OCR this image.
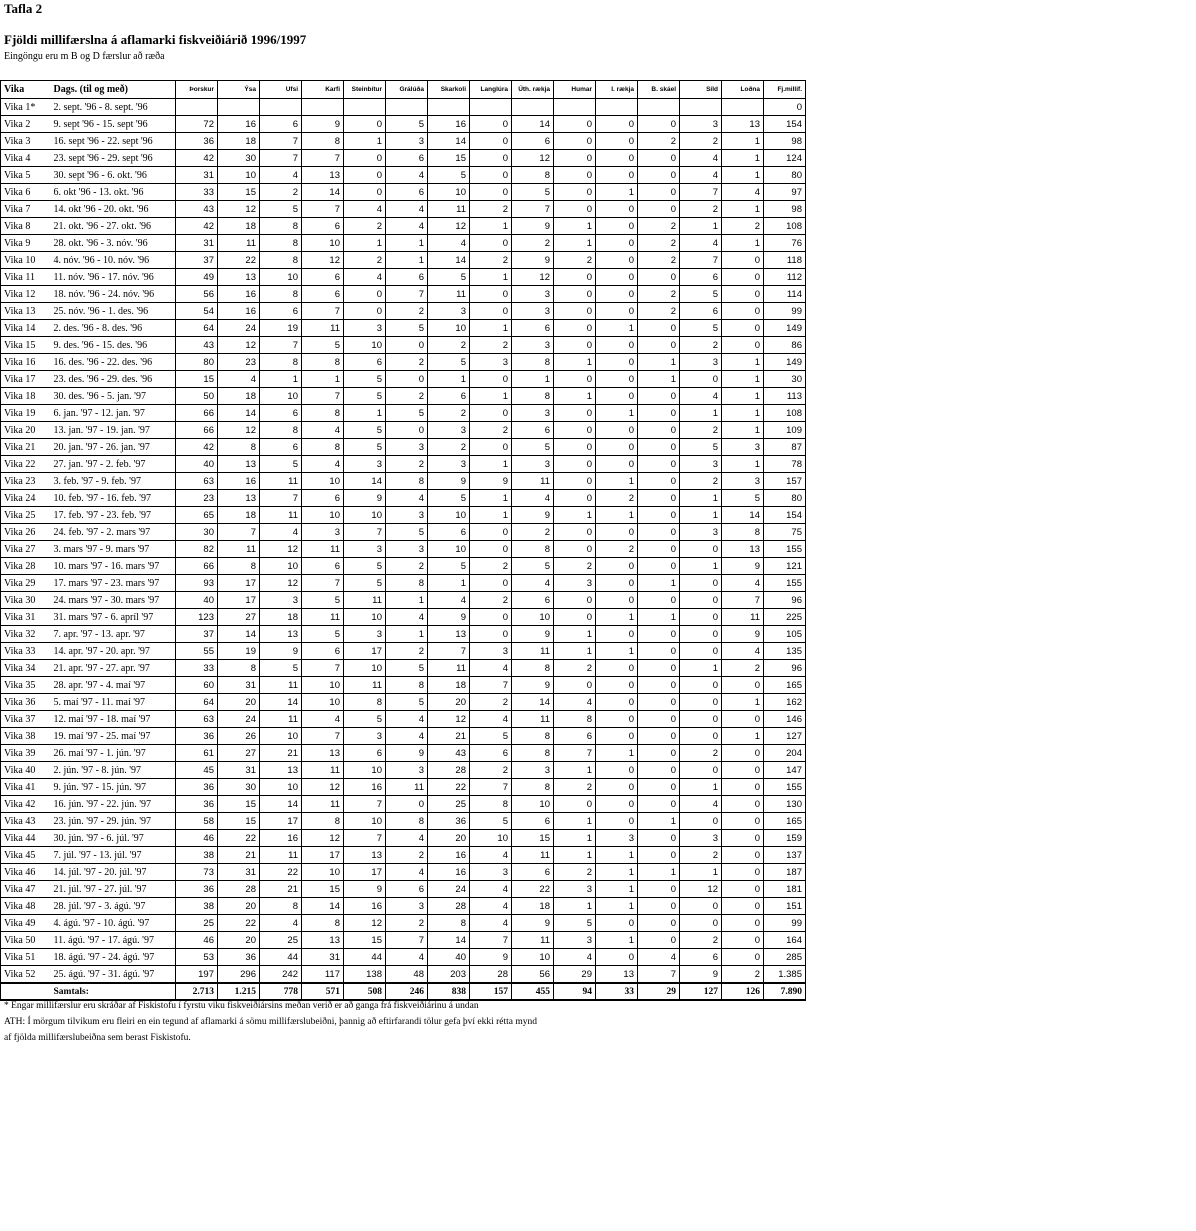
Tafla 2

Fjöldi millifærslna á aflamarki fiskveiðiárið 1996/1997

Eingöngu eru m B og D færslur að ræða

Vika	Dags. (til og með)	Þorskur	Ýsa	Ufsi	Karfi	Steinbítur	Grálúða	Skarkoli	Langlúra	Úth. rækja	Humar	I. rækja	B. skáel	Síld	Loðna	Fj.millif.
Vika 1*	2. sept. '96 - 8. sept. '96															0
Vika 2	9. sept '96 - 15. sept '96	72	16	6	9	0	5	16	0	14	0	0	0	3	13	154
Vika 3	16. sept '96 - 22. sept '96	36	18	7	8	1	3	14	0	6	0	0	2	2	1	98
Vika 4	23. sept '96 - 29. sept '96	42	30	7	7	0	6	15	0	12	0	0	0	4	1	124
Vika 5	30. sept '96 - 6. okt. '96	31	10	4	13	0	4	5	0	8	0	0	0	4	1	80
Vika 6	6. okt '96 - 13. okt. '96	33	15	2	14	0	6	10	0	5	0	1	0	7	4	97
Vika 7	14. okt '96 - 20. okt. '96	43	12	5	7	4	4	11	2	7	0	0	0	2	1	98
Vika 8	21. okt. '96 - 27. okt. '96	42	18	8	6	2	4	12	1	9	1	0	2	1	2	108
Vika 9	28. okt. '96 - 3. nóv. '96	31	11	8	10	1	1	4	0	2	1	0	2	4	1	76
Vika 10	4. nóv. '96 - 10. nóv. '96	37	22	8	12	2	1	14	2	9	2	0	2	7	0	118
Vika 11	11. nóv. '96 - 17. nóv. '96	49	13	10	6	4	6	5	1	12	0	0	0	6	0	112
Vika 12	18. nóv. '96 - 24. nóv. '96	56	16	8	6	0	7	11	0	3	0	0	2	5	0	114
Vika 13	25. nóv. '96 - 1. des. '96	54	16	6	7	0	2	3	0	3	0	0	2	6	0	99
Vika 14	2. des. '96 - 8. des. '96	64	24	19	11	3	5	10	1	6	0	1	0	5	0	149
Vika 15	9. des. '96 - 15. des. '96	43	12	7	5	10	0	2	2	3	0	0	0	2	0	86
Vika 16	16. des. '96 - 22. des. '96	80	23	8	8	6	2	5	3	8	1	0	1	3	1	149
Vika 17	23. des. '96 - 29. des. '96	15	4	1	1	5	0	1	0	1	0	0	1	0	1	30
Vika 18	30. des. '96 - 5. jan. '97	50	18	10	7	5	2	6	1	8	1	0	0	4	1	113
Vika 19	6. jan. '97 - 12. jan. '97	66	14	6	8	1	5	2	0	3	0	1	0	1	1	108
Vika 20	13. jan. '97 - 19. jan. '97	66	12	8	4	5	0	3	2	6	0	0	0	2	1	109
Vika 21	20. jan. '97 - 26. jan. '97	42	8	6	8	5	3	2	0	5	0	0	0	5	3	87
Vika 22	27. jan. '97 - 2. feb. '97	40	13	5	4	3	2	3	1	3	0	0	0	3	1	78
Vika 23	3. feb. '97 - 9. feb. '97	63	16	11	10	14	8	9	9	11	0	1	0	2	3	157
Vika 24	10. feb. '97 - 16. feb. '97	23	13	7	6	9	4	5	1	4	0	2	0	1	5	80
Vika 25	17. feb. '97 - 23. feb. '97	65	18	11	10	10	3	10	1	9	1	1	0	1	14	154
Vika 26	24. feb. '97 - 2. mars '97	30	7	4	3	7	5	6	0	2	0	0	0	3	8	75
Vika 27	3. mars '97 - 9. mars '97	82	11	12	11	3	3	10	0	8	0	2	0	0	13	155
Vika 28	10. mars '97 - 16. mars '97	66	8	10	6	5	2	5	2	5	2	0	0	1	9	121
Vika 29	17. mars '97 - 23. mars '97	93	17	12	7	5	8	1	0	4	3	0	1	0	4	155
Vika 30	24. mars '97 - 30. mars '97	40	17	3	5	11	1	4	2	6	0	0	0	0	7	96
Vika 31	31. mars '97 - 6. apríl '97	123	27	18	11	10	4	9	0	10	0	1	1	0	11	225
Vika 32	7. apr. '97 - 13. apr. '97	37	14	13	5	3	1	13	0	9	1	0	0	0	9	105
Vika 33	14. apr. '97 - 20. apr. '97	55	19	9	6	17	2	7	3	11	1	1	0	0	4	135
Vika 34	21. apr. '97 - 27. apr. '97	33	8	5	7	10	5	11	4	8	2	0	0	1	2	96
Vika 35	28. apr. '97 - 4. maí '97	60	31	11	10	11	8	18	7	9	0	0	0	0	0	165
Vika 36	5. maí '97 - 11. maí '97	64	20	14	10	8	5	20	2	14	4	0	0	0	1	162
Vika 37	12. maí '97 - 18. maí '97	63	24	11	4	5	4	12	4	11	8	0	0	0	0	146
Vika 38	19. maí '97 - 25. maí '97	36	26	10	7	3	4	21	5	8	6	0	0	0	1	127
Vika 39	26. maí '97 - 1. jún. '97	61	27	21	13	6	9	43	6	8	7	1	0	2	0	204
Vika 40	2. jún. '97 - 8. jún. '97	45	31	13	11	10	3	28	2	3	1	0	0	0	0	147
Vika 41	9. jún. '97 - 15. jún. '97	36	30	10	12	16	11	22	7	8	2	0	0	1	0	155
Vika 42	16. jún. '97 - 22. jún. '97	36	15	14	11	7	0	25	8	10	0	0	0	4	0	130
Vika 43	23. jún. '97 - 29. jún. '97	58	15	17	8	10	8	36	5	6	1	0	1	0	0	165
Vika 44	30. jún. '97 - 6. júl. '97	46	22	16	12	7	4	20	10	15	1	3	0	3	0	159
Vika 45	7. júl. '97 - 13. júl. '97	38	21	11	17	13	2	16	4	11	1	1	0	2	0	137
Vika 46	14. júl. '97 - 20. júl. '97	73	31	22	10	17	4	16	3	6	2	1	1	1	0	187
Vika 47	21. júl. '97 - 27. júl. '97	36	28	21	15	9	6	24	4	22	3	1	0	12	0	181
Vika 48	28. júl. '97 - 3. ágú. '97	38	20	8	14	16	3	28	4	18	1	1	0	0	0	151
Vika 49	4. ágú. '97 - 10. ágú. '97	25	22	4	8	12	2	8	4	9	5	0	0	0	0	99
Vika 50	11. ágú. '97 - 17. ágú. '97	46	20	25	13	15	7	14	7	11	3	1	0	2	0	164
Vika 51	18. ágú. '97 - 24. ágú. '97	53	36	44	31	44	4	40	9	10	4	0	4	6	0	285
Vika 52	25. ágú. '97 - 31. ágú. '97	197	296	242	117	138	48	203	28	56	29	13	7	9	2	1.385
	Samtals:	2.713	1.215	778	571	508	246	838	157	455	94	33	29	127	126	7.890

* Engar millifærslur eru skráðar af Fiskistofu í fyrstu viku fiskveiðiársins meðan verið er að ganga frá fiskveiðiárinu á undan

ATH: Í mörgum tilvikum eru fleiri en ein tegund af aflamarki á sömu millifærslubeiðni, þannig að eftirfarandi tölur gefa því ekki rétta mynd

af fjölda millifærslubeiðna sem berast Fiskistofu.
